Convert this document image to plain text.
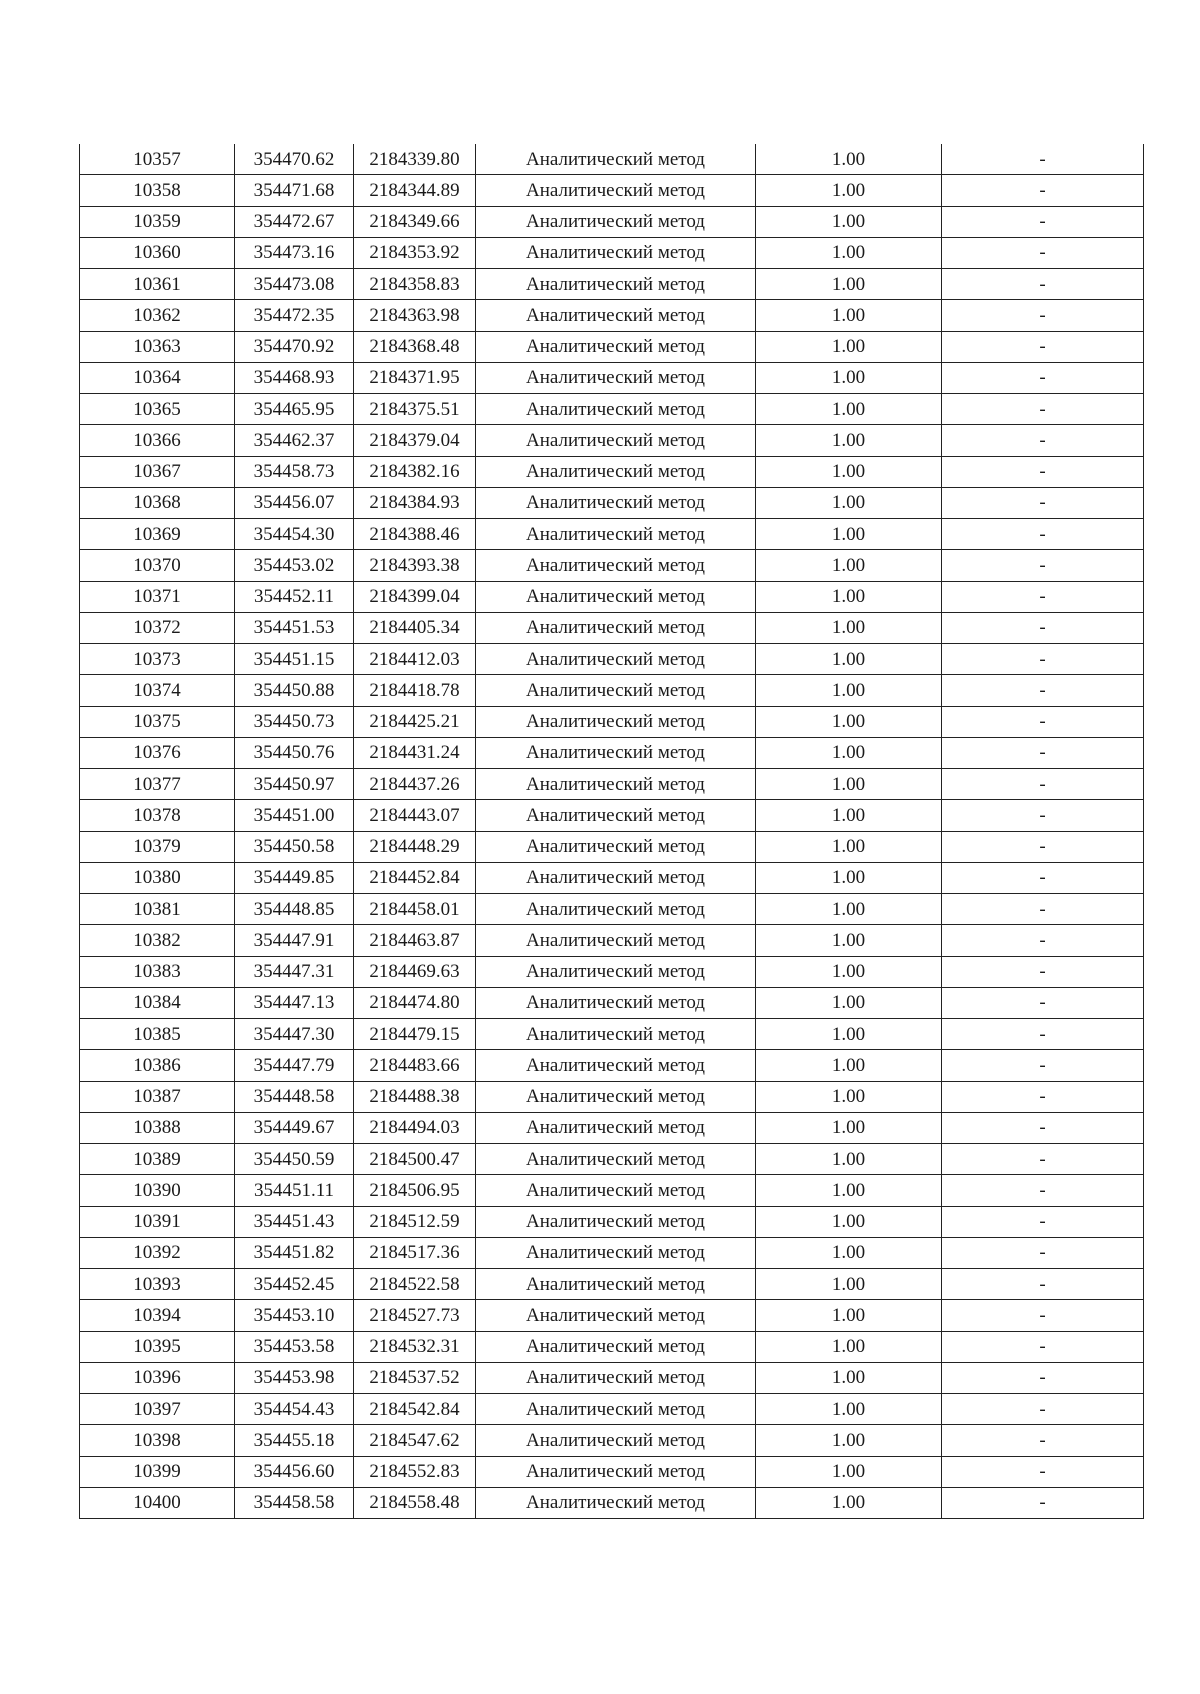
10357	354470.62	2184339.80	Аналитический метод	1.00	-
10358	354471.68	2184344.89	Аналитический метод	1.00	-
10359	354472.67	2184349.66	Аналитический метод	1.00	-
10360	354473.16	2184353.92	Аналитический метод	1.00	-
10361	354473.08	2184358.83	Аналитический метод	1.00	-
10362	354472.35	2184363.98	Аналитический метод	1.00	-
10363	354470.92	2184368.48	Аналитический метод	1.00	-
10364	354468.93	2184371.95	Аналитический метод	1.00	-
10365	354465.95	2184375.51	Аналитический метод	1.00	-
10366	354462.37	2184379.04	Аналитический метод	1.00	-
10367	354458.73	2184382.16	Аналитический метод	1.00	-
10368	354456.07	2184384.93	Аналитический метод	1.00	-
10369	354454.30	2184388.46	Аналитический метод	1.00	-
10370	354453.02	2184393.38	Аналитический метод	1.00	-
10371	354452.11	2184399.04	Аналитический метод	1.00	-
10372	354451.53	2184405.34	Аналитический метод	1.00	-
10373	354451.15	2184412.03	Аналитический метод	1.00	-
10374	354450.88	2184418.78	Аналитический метод	1.00	-
10375	354450.73	2184425.21	Аналитический метод	1.00	-
10376	354450.76	2184431.24	Аналитический метод	1.00	-
10377	354450.97	2184437.26	Аналитический метод	1.00	-
10378	354451.00	2184443.07	Аналитический метод	1.00	-
10379	354450.58	2184448.29	Аналитический метод	1.00	-
10380	354449.85	2184452.84	Аналитический метод	1.00	-
10381	354448.85	2184458.01	Аналитический метод	1.00	-
10382	354447.91	2184463.87	Аналитический метод	1.00	-
10383	354447.31	2184469.63	Аналитический метод	1.00	-
10384	354447.13	2184474.80	Аналитический метод	1.00	-
10385	354447.30	2184479.15	Аналитический метод	1.00	-
10386	354447.79	2184483.66	Аналитический метод	1.00	-
10387	354448.58	2184488.38	Аналитический метод	1.00	-
10388	354449.67	2184494.03	Аналитический метод	1.00	-
10389	354450.59	2184500.47	Аналитический метод	1.00	-
10390	354451.11	2184506.95	Аналитический метод	1.00	-
10391	354451.43	2184512.59	Аналитический метод	1.00	-
10392	354451.82	2184517.36	Аналитический метод	1.00	-
10393	354452.45	2184522.58	Аналитический метод	1.00	-
10394	354453.10	2184527.73	Аналитический метод	1.00	-
10395	354453.58	2184532.31	Аналитический метод	1.00	-
10396	354453.98	2184537.52	Аналитический метод	1.00	-
10397	354454.43	2184542.84	Аналитический метод	1.00	-
10398	354455.18	2184547.62	Аналитический метод	1.00	-
10399	354456.60	2184552.83	Аналитический метод	1.00	-
10400	354458.58	2184558.48	Аналитический метод	1.00	-
